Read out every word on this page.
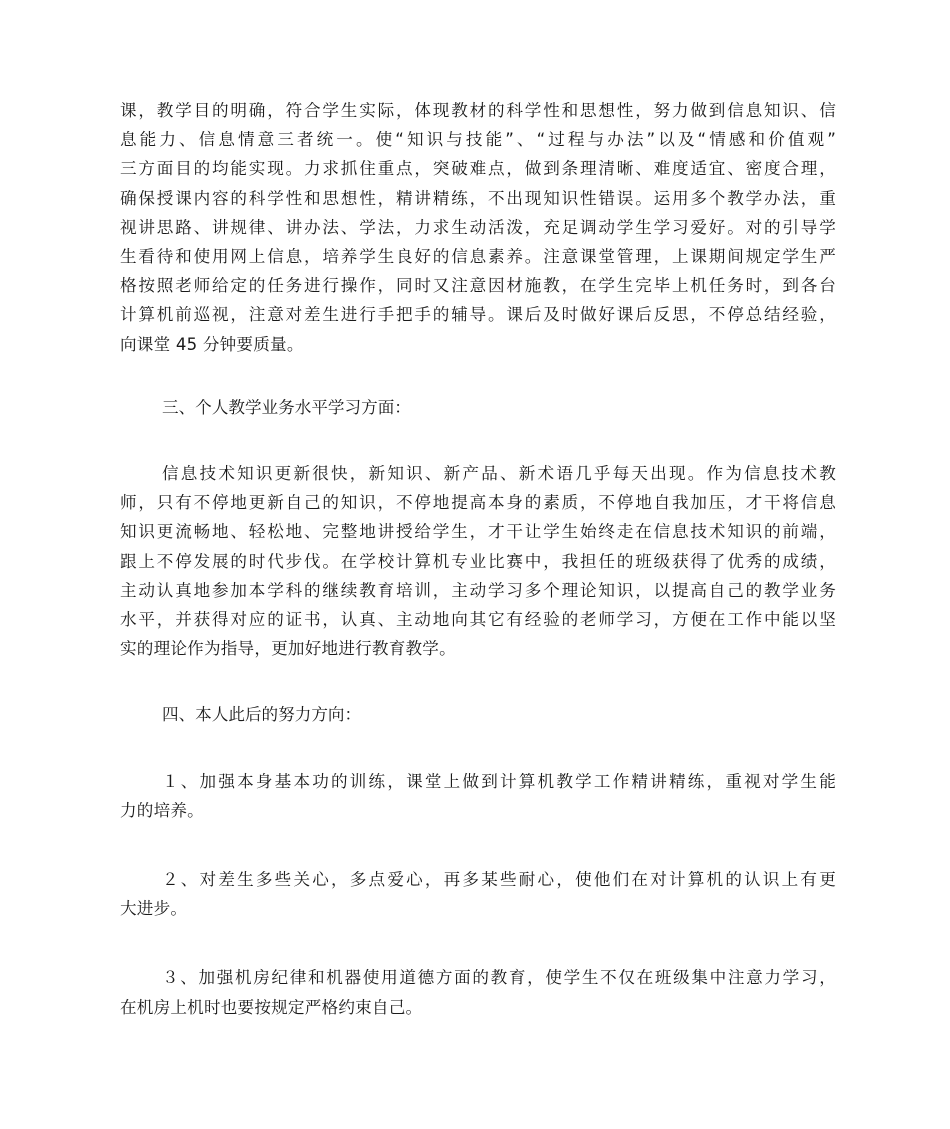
课，教学目的明确，符合学生实际，体现教材的科学性和思想性，努力做到信息知识、信
息能力、信息情意三者统一。使“知识与技能”、“过程与办法”以及“情感和价值观”
三方面目的均能实现。力求抓住重点，突破难点，做到条理清晰、难度适宜、密度合理，
确保授课内容的科学性和思想性，精讲精练，不出现知识性错误。运用多个教学办法，重
视讲思路、讲规律、讲办法、学法，力求生动活泼，充足调动学生学习爱好。对的引导学
生看待和使用网上信息，培养学生良好的信息素养。注意课堂管理，上课期间规定学生严
格按照老师给定的任务进行操作，同时又注意因材施教，在学生完毕上机任务时，到各台
计算机前巡视，注意对差生进行手把手的辅导。课后及时做好课后反思，不停总结经验，
向课堂 45 分钟要质量。

三、个人教学业务水平学习方面：

信息技术知识更新很快，新知识、新产品、新术语几乎每天出现。作为信息技术教
师，只有不停地更新自己的知识，不停地提高本身的素质，不停地自我加压，才干将信息
知识更流畅地、轻松地、完整地讲授给学生，才干让学生始终走在信息技术知识的前端，
跟上不停发展的时代步伐。在学校计算机专业比赛中，我担任的班级获得了优秀的成绩，
主动认真地参加本学科的继续教育培训，主动学习多个理论知识，以提高自己的教学业务
水平，并获得对应的证书，认真、主动地向其它有经验的老师学习，方便在工作中能以坚
实的理论作为指导，更加好地进行教育教学。

四、本人此后的努力方向：

１、加强本身基本功的训练，课堂上做到计算机教学工作精讲精练，重视对学生能
力的培养。

２、对差生多些关心，多点爱心，再多某些耐心，使他们在对计算机的认识上有更
大进步。

３、加强机房纪律和机器使用道德方面的教育，使学生不仅在班级集中注意力学习，
在机房上机时也要按规定严格约束自己。
